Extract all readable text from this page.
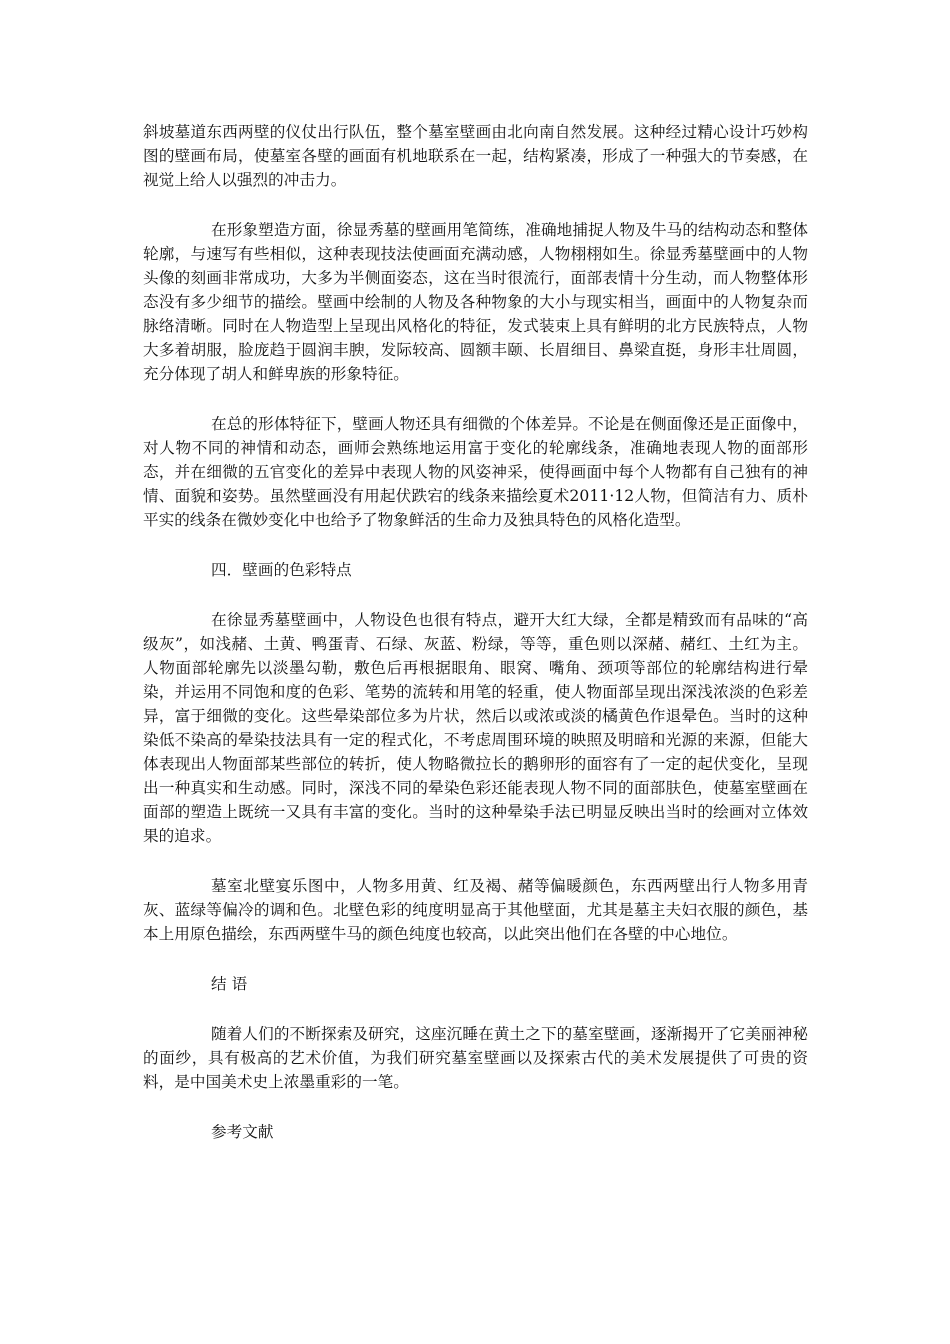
斜坡墓道东西两壁的仪仗出行队伍，整个墓室壁画由北向南自然发展。这种经过精心设计巧妙构图的壁画布局，使墓室各壁的画面有机地联系在一起，结构紧凑，形成了一种强大的节奏感，在视觉上给人以强烈的冲击力。

在形象塑造方面，徐显秀墓的壁画用笔简练，准确地捕捉人物及牛马的结构动态和整体轮廓，与速写有些相似，这种表现技法使画面充满动感，人物栩栩如生。徐显秀墓壁画中的人物头像的刻画非常成功，大多为半侧面姿态，这在当时很流行，面部表情十分生动，而人物整体形态没有多少细节的描绘。壁画中绘制的人物及各种物象的大小与现实相当，画面中的人物复杂而脉络清晰。同时在人物造型上呈现出风格化的特征，发式装束上具有鲜明的北方民族特点，人物大多着胡服，脸庞趋于圆润丰腴，发际较高、圆额丰颐、长眉细目、鼻梁直挺，身形丰壮周圆，充分体现了胡人和鲜卑族的形象特征。

在总的形体特征下，壁画人物还具有细微的个体差异。不论是在侧面像还是正面像中，对人物不同的神情和动态，画师会熟练地运用富于变化的轮廓线条，准确地表现人物的面部形态，并在细微的五官变化的差异中表现人物的风姿神采，使得画面中每个人物都有自己独有的神情、面貌和姿势。虽然壁画没有用起伏跌宕的线条来描绘夏术2011·12人物，但简洁有力、质朴平实的线条在微妙变化中也给予了物象鲜活的生命力及独具特色的风格化造型。

四．壁画的色彩特点

在徐显秀墓壁画中，人物设色也很有特点，避开大红大绿，全都是精致而有品味的“高级灰”，如浅赭、土黄、鸭蛋青、石绿、灰蓝、粉绿，等等，重色则以深赭、赭红、土红为主。人物面部轮廓先以淡墨勾勒，敷色后再根据眼角、眼窝、嘴角、颈项等部位的轮廓结构进行晕染，并运用不同饱和度的色彩、笔势的流转和用笔的轻重，使人物面部呈现出深浅浓淡的色彩差异，富于细微的变化。这些晕染部位多为片状，然后以或浓或淡的橘黄色作退晕色。当时的这种染低不染高的晕染技法具有一定的程式化，不考虑周围环境的映照及明暗和光源的来源，但能大体表现出人物面部某些部位的转折，使人物略微拉长的鹅卵形的面容有了一定的起伏变化，呈现出一种真实和生动感。同时，深浅不同的晕染色彩还能表现人物不同的面部肤色，使墓室壁画在面部的塑造上既统一又具有丰富的变化。当时的这种晕染手法已明显反映出当时的绘画对立体效果的追求。

墓室北壁宴乐图中，人物多用黄、红及褐、赭等偏暖颜色，东西两壁出行人物多用青灰、蓝绿等偏冷的调和色。北壁色彩的纯度明显高于其他壁面，尤其是墓主夫妇衣服的颜色，基本上用原色描绘，东西两壁牛马的颜色纯度也较高，以此突出他们在各壁的中心地位。

结 语

随着人们的不断探索及研究，这座沉睡在黄土之下的墓室壁画，逐渐揭开了它美丽神秘的面纱，具有极高的艺术价值，为我们研究墓室壁画以及探索古代的美术发展提供了可贵的资料，是中国美术史上浓墨重彩的一笔。

参考文献
